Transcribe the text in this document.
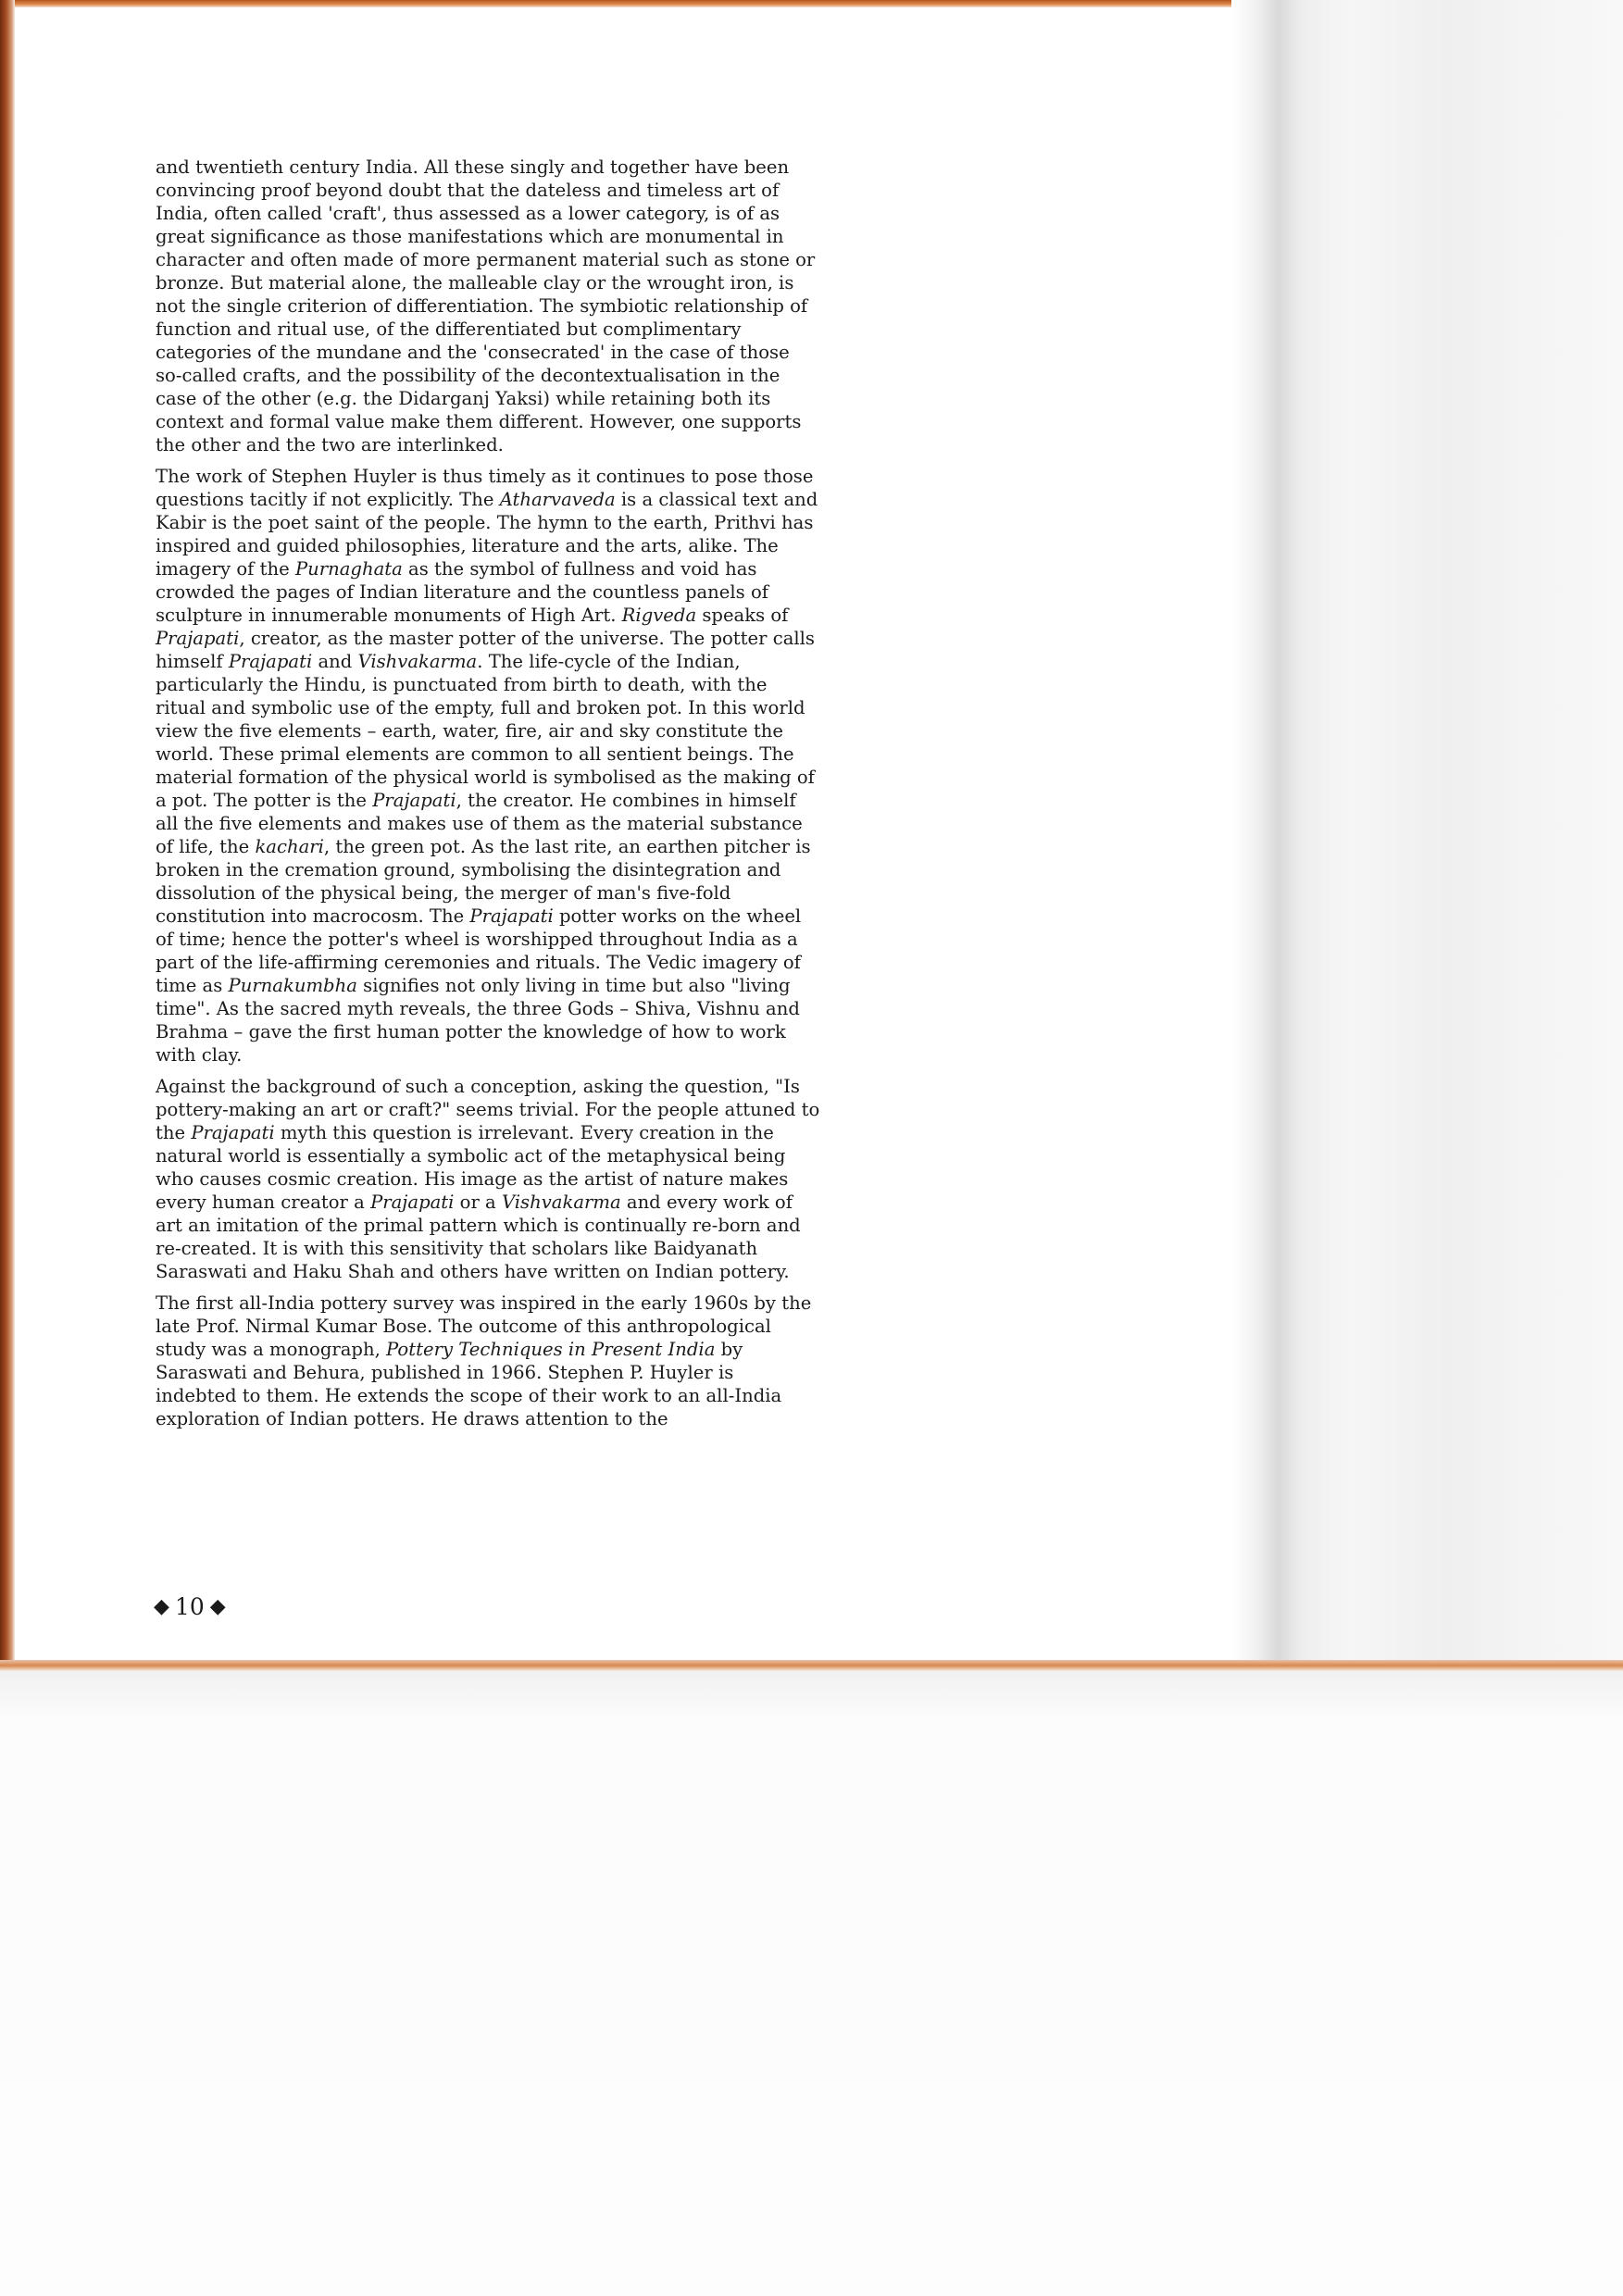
and twentieth century India. All these singly and together have been convincing proof beyond doubt that the dateless and timeless art of India, often called 'craft', thus assessed as a lower category, is of as great significance as those manifestations which are monumental in character and often made of more permanent material such as stone or bronze. But material alone, the malleable clay or the wrought iron, is not the single criterion of differentiation. The symbiotic relationship of function and ritual use, of the differentiated but complimentary categories of the mundane and the 'consecrated' in the case of those so-called crafts, and the possibility of the decontextualisation in the case of the other (e.g. the Didarganj Yaksi) while retaining both its context and formal value make them different. However, one supports the other and the two are interlinked.

The work of Stephen Huyler is thus timely as it continues to pose those questions tacitly if not explicitly. The Atharvaveda is a classical text and Kabir is the poet saint of the people. The hymn to the earth, Prithvi has inspired and guided philosophies, literature and the arts, alike. The imagery of the Purnaghata as the symbol of fullness and void has crowded the pages of Indian literature and the countless panels of sculpture in innumerable monuments of High Art. Rigveda speaks of Prajapati, creator, as the master potter of the universe. The potter calls himself Prajapati and Vishvakarma. The life-cycle of the Indian, particularly the Hindu, is punctuated from birth to death, with the ritual and symbolic use of the empty, full and broken pot. In this world view the five elements – earth, water, fire, air and sky constitute the world. These primal elements are common to all sentient beings. The material formation of the physical world is symbolised as the making of a pot. The potter is the Prajapati, the creator. He combines in himself all the five elements and makes use of them as the material substance of life, the kachari, the green pot. As the last rite, an earthen pitcher is broken in the cremation ground, symbolising the disintegration and dissolution of the physical being, the merger of man's five-fold constitution into macrocosm. The Prajapati potter works on the wheel of time; hence the potter's wheel is worshipped throughout India as a part of the life-affirming ceremonies and rituals. The Vedic imagery of time as Purnakumbha signifies not only living in time but also "living time". As the sacred myth reveals, the three Gods – Shiva, Vishnu and Brahma – gave the first human potter the knowledge of how to work with clay.

Against the background of such a conception, asking the question, "Is pottery-making an art or craft?" seems trivial. For the people attuned to the Prajapati myth this question is irrelevant. Every creation in the natural world is essentially a symbolic act of the metaphysical being who causes cosmic creation. His image as the artist of nature makes every human creator a Prajapati or a Vishvakarma and every work of art an imitation of the primal pattern which is continually re-born and re-created. It is with this sensitivity that scholars like Baidyanath Saraswati and Haku Shah and others have written on Indian pottery.

The first all-India pottery survey was inspired in the early 1960s by the late Prof. Nirmal Kumar Bose. The outcome of this anthropological study was a monograph, Pottery Techniques in Present India by Saraswati and Behura, published in 1966. Stephen P. Huyler is indebted to them. He extends the scope of their work to an all-India exploration of Indian potters. He draws attention to the

◆ 10 ◆
